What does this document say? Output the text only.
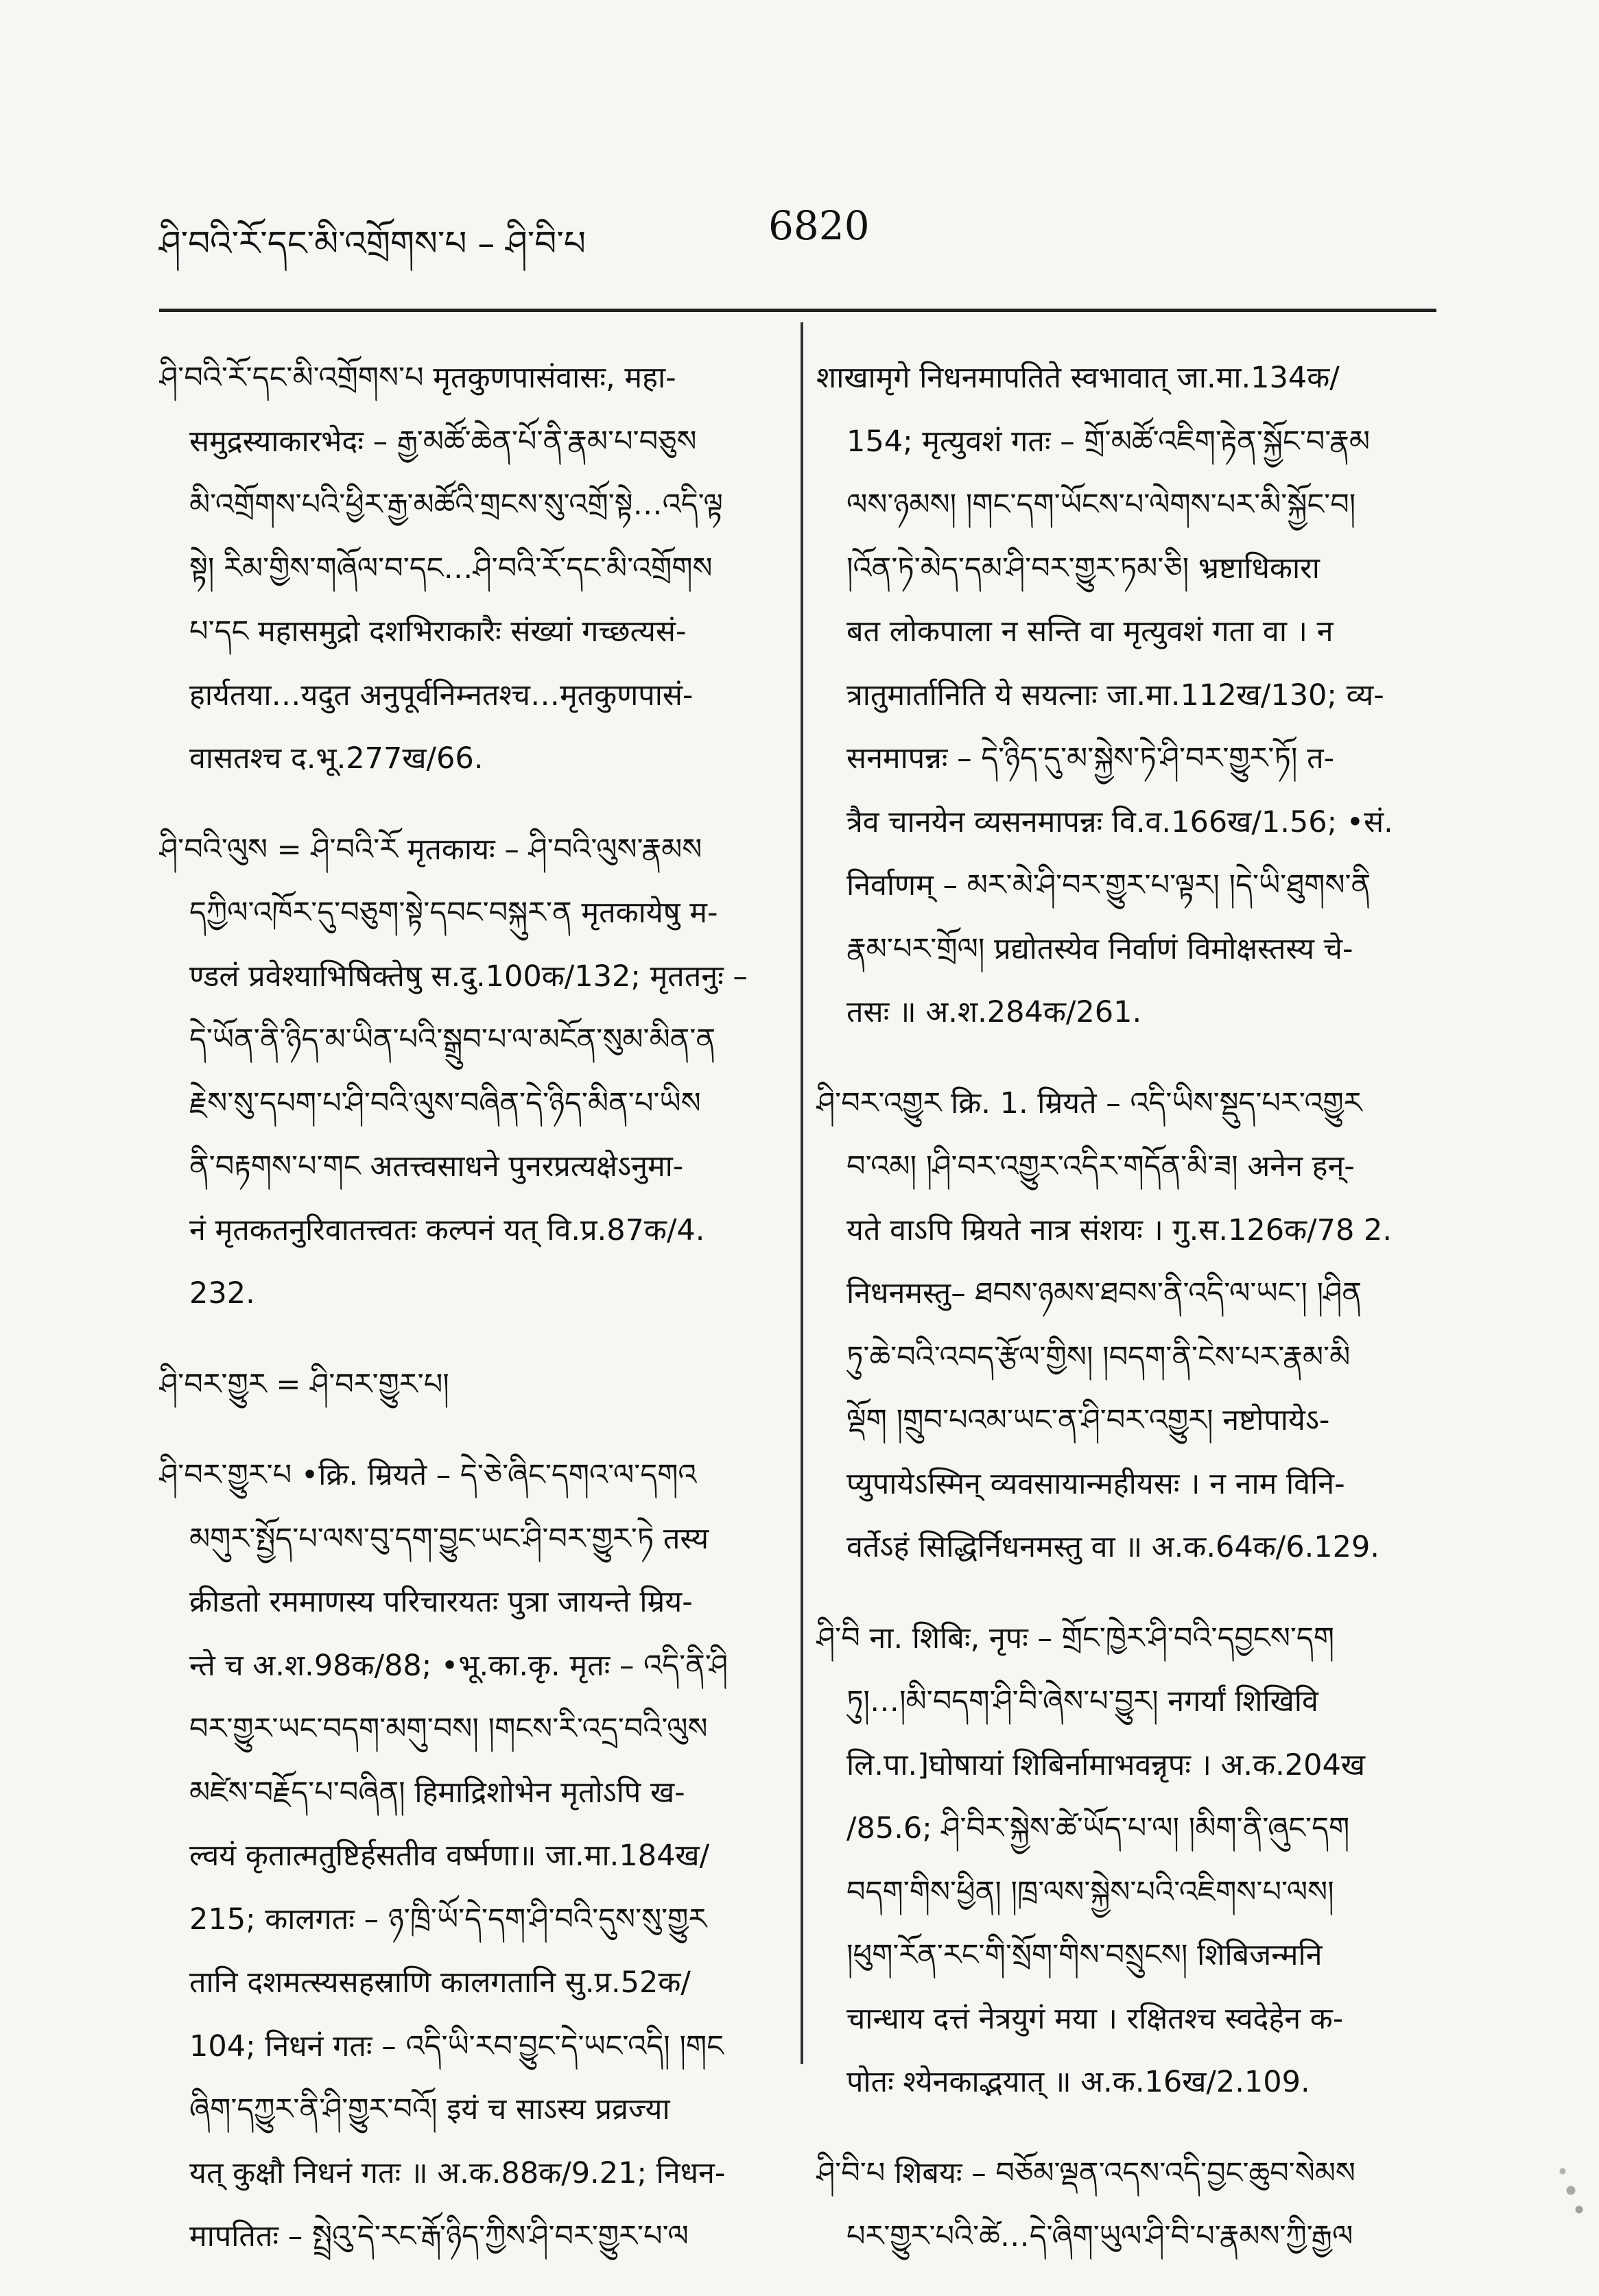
ཤི་བའི་རོ་དང་མི་འགྲོགས་པ – ཤི་བི་པ	6820
ཤི་བའི་རོ་དང་མི་འགྲོགས་པ मृतकुणपासंवासः, महा-
समुद्रस्याकारभेदः – རྒྱ་མཚོ་ཆེན་པོ་ནི་རྣམ་པ་བཅུས
མི་འགྲོགས་པའི་ཕྱིར་རྒྱ་མཚོའི་གྲངས་སུ་འགྲོ་སྟེ…འདི་ལྟ
སྟེ། རིམ་གྱིས་གཞོལ་བ་དང…ཤི་བའི་རོ་དང་མི་འགྲོགས
པ་དང महासमुद्रो दशभिराकारैः संख्यां गच्छत्यसं-
हार्यतया…यदुत अनुपूर्वनिम्नतश्च…मृतकुणपासं-
वासतश्च द.भू.277ख/66.
ཤི་བའི་ལུས = ཤི་བའི་རོ मृतकायः – ཤི་བའི་ལུས་རྣམས
དཀྱིལ་འཁོར་དུ་བཅུག་སྟེ་དབང་བསྐུར་ན मृतकायेषु म-
ण्डलं प्रवेश्याभिषिक्तेषु स.दु.100क/132; मृततनुः –
དེ་ཡོན་ནི་ཉིད་མ་ཡིན་པའི་སྒྲུབ་པ་ལ་མངོན་སུམ་མིན་ན
རྗེས་སུ་དཔག་པ་ཤི་བའི་ལུས་བཞིན་དེ་ཉིད་མིན་པ་ཡིས
ནི་བརྟགས་པ་གང अतत्त्वसाधने पुनरप्रत्यक्षेऽनुमा-
नं मृतकतनुरिवातत्त्वतः कल्पनं यत् वि.प्र.87क/4.
232.
ཤི་བར་གྱུར = ཤི་བར་གྱུར་པ།
ཤི་བར་གྱུར་པ •क्रि. म्रियते – དེ་ཅེ་ཞིང་དགའ་ལ་དགའ
མགུར་སྤྱོད་པ་ལས་བུ་དག་བྱུང་ཡང་ཤི་བར་གྱུར་ཏེ तस्य
क्रीडतो रममाणस्य परिचारयतः पुत्रा जायन्ते म्रिय-
न्ते च अ.श.98क/88; •भू.का.कृ. मृतः – འདི་ནི་ཤི
བར་གྱུར་ཡང་བདག་མགུ་བས། །གངས་རི་འདྲ་བའི་ལུས
མཛེས་བརྗོད་པ་བཞིན། हिमाद्रिशोभेन मृतोऽपि ख-
ल्वयं कृतात्मतुष्टिर्हसतीव वर्ष्मणा॥ जा.मा.184ख/
215; कालगतः – ཉ་ཁྲི་ཡོ་དེ་དག་ཤི་བའི་དུས་སུ་གྱུར
तानि दशमत्स्यसहस्राणि कालगतानि सु.प्र.52क/
104; निधनं गतः – འདི་ཡི་རབ་བྱུང་དེ་ཡང་འདི། །གང
ཞིག་དཀྱུར་ནི་ཤི་གྱུར་བའོ། इयं च साऽस्य प्रव्रज्या
यत् कुक्षौ निधनं गतः ॥ अ.क.88क/9.21; निधन-
मापतितः – སྤྲེའུ་དེ་རང་རྒོ་ཉིད་ཀྱིས་ཤི་བར་གྱུར་པ་ལ
शाखामृगे निधनमापतिते स्वभावात् जा.मा.134क/
154; मृत्युवशं गतः – གྲོ་མཚོ་འཇིག་རྟེན་སྐྱོང་བ་རྣམ
ལས་ཉམས། །གང་དག་ཡོངས་པ་ལེགས་པར་མི་སྐྱོང་བ།
།འོན་ཏེ་མེད་དམ་ཤི་བར་གྱུར་ཏམ་ཅི། भ्रष्टाधिकारा
बत लोकपाला न सन्ति वा मृत्युवशं गता वा । न
त्रातुमार्तानिति ये सयत्नाः जा.मा.112ख/130; व्य-
सनमापन्नः – དེ་ཉིད་དུ་མ་སྐྱེས་ཏེ་ཤི་བར་གྱུར་ཏོ། त-
त्रैव चानयेन व्यसनमापन्नः वि.व.166ख/1.56; •सं.
निर्वाणम् – མར་མེ་ཤི་བར་གྱུར་པ་ལྟར། །དེ་ཡི་ཐུགས་ནི
རྣམ་པར་གྲོལ། प्रद्योतस्येव निर्वाणं विमोक्षस्तस्य चे-
तसः ॥ अ.श.284क/261.
ཤི་བར་འགྱུར क्रि. 1. म्रियते – འདི་ཡིས་སྡུད་པར་འགྱུར
བ་འམ། །ཤི་བར་འགྱུར་འདིར་གདོན་མི་ཟ། अनेन हन्-
यते वाऽपि म्रियते नात्र संशयः । गु.स.126क/78 2.
निधनमस्तु– ཐབས་ཉམས་ཐབས་ནི་འདི་ལ་ཡང་། །ཤིན
ཏུ་ཆེ་བའི་འབད་རྩོལ་གྱིས། །བདག་ནི་ངེས་པར་རྣམ་མི
ལྡོག །གྲུབ་པའམ་ཡང་ན་ཤི་བར་འགྱུར། नष्टोपायेऽ-
प्युपायेऽस्मिन् व्यवसायान्महीयसः । न नाम विनि-
वर्तेऽहं सिद्धिर्निधनमस्तु वा ॥ अ.क.64क/6.129.
ཤི་བི ना. शिबिः, नृपः – གྲོང་ཁྱེར་ཤི་བའི་དབྱངས་དག
ཏུ།…།མི་བདག་ཤི་བི་ཞེས་པ་བྱུར། नगर्यां शिखिवि
लि.पा.]घोषायां शिबिर्नामाभवन्नृपः । अ.क.204ख
/85.6; ཤི་བིར་སྐྱེས་ཚེ་ཡོད་པ་ལ། །མིག་ནི་ཞུང་དག
བདག་གིས་ཕྱིན། །ཁྲ་ལས་སྐྱེས་པའི་འཇིགས་པ་ལས།
།ཕུག་རོན་རང་གི་སྲོག་གིས་བསྲུངས། शिबिजन्मनि
चान्धाय दत्तं नेत्रयुगं मया । रक्षितश्च स्वदेहेन क-
पोतः श्येनकाद्भयात् ॥ अ.क.16ख/2.109.
ཤི་བི་པ शिबयः – བཅོམ་ལྡན་འདས་འདི་བྱང་ཆུབ་སེམས
པར་གྱུར་པའི་ཚེ…དེ་ཞིག་ཡུལ་ཤི་བི་པ་རྣམས་ཀྱི་རྒྱལ
